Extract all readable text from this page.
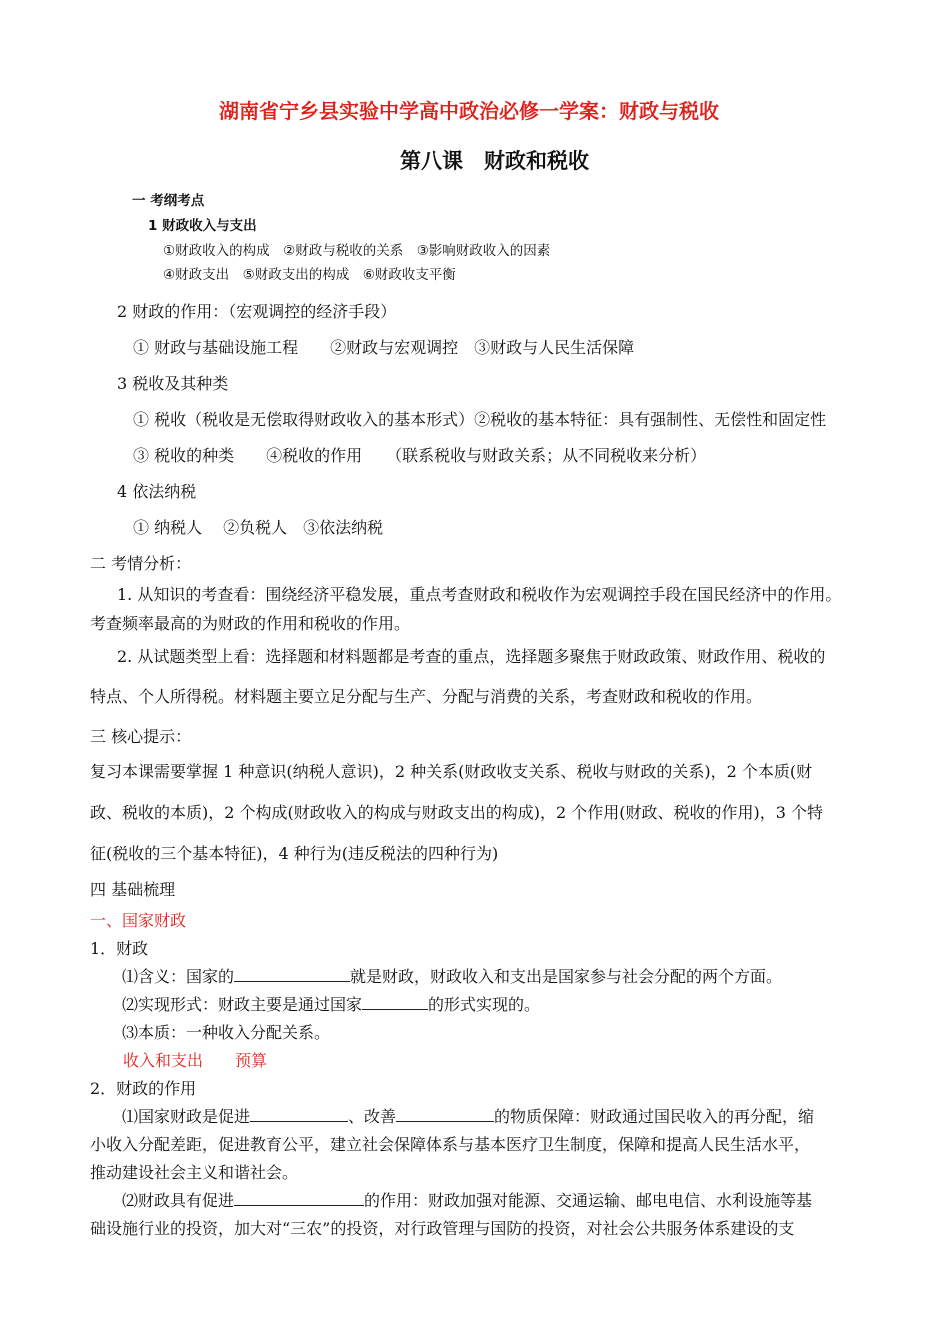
湖南省宁乡县实验中学高中政治必修一学案：财政与税收
第八课　财政和税收
一 考纲考点
1 财政收入与支出
①财政收入的构成　②财政与税收的关系　③影响财政收入的因素
④财政支出　⑤财政支出的构成　⑥财政收支平衡
2 财政的作用：（宏观调控的经济手段）
① 财政与基础设施工程　　②财政与宏观调控　③财政与人民生活保障
3 税收及其种类
① 税收（税收是无偿取得财政收入的基本形式）②税收的基本特征：具有强制性、无偿性和固定性
③ 税收的种类　　④税收的作用　　（联系税收与财政关系；从不同税收来分析）
4 依法纳税
① 纳税人　 ②负税人　③依法纳税
二 考情分析：
1. 从知识的考查看：围绕经济平稳发展，重点考查财政和税收作为宏观调控手段在国民经济中的作用。
考查频率最高的为财政的作用和税收的作用。
2. 从试题类型上看：选择题和材料题都是考查的重点，选择题多聚焦于财政政策、财政作用、税收的
特点、个人所得税。材料题主要立足分配与生产、分配与消费的关系，考查财政和税收的作用。
三 核心提示：
复习本课需要掌握 1 种意识(纳税人意识)，2 种关系(财政收支关系、税收与财政的关系)，2 个本质(财
政、税收的本质)，2 个构成(财政收入的构成与财政支出的构成)，2 个作用(财政、税收的作用)，3 个特
征(税收的三个基本特征)，4 种行为(违反税法的四种行为)
四 基础梳理
一、国家财政
1．财政
⑴含义：国家的	就是财政，财政收入和支出是国家参与社会分配的两个方面。
⑵实现形式：财政主要是通过国家	的形式实现的。
⑶本质：一种收入分配关系。
收入和支出　　预算
2．财政的作用
⑴国家财政是促进	、改善	的物质保障：财政通过国民收入的再分配，缩
小收入分配差距，促进教育公平，建立社会保障体系与基本医疗卫生制度，保障和提高人民生活水平，
推动建设社会主义和谐社会。
⑵财政具有促进	的作用：财政加强对能源、交通运输、邮电电信、水利设施等基
础设施行业的投资，加大对“三农”的投资，对行政管理与国防的投资，对社会公共服务体系建设的支
